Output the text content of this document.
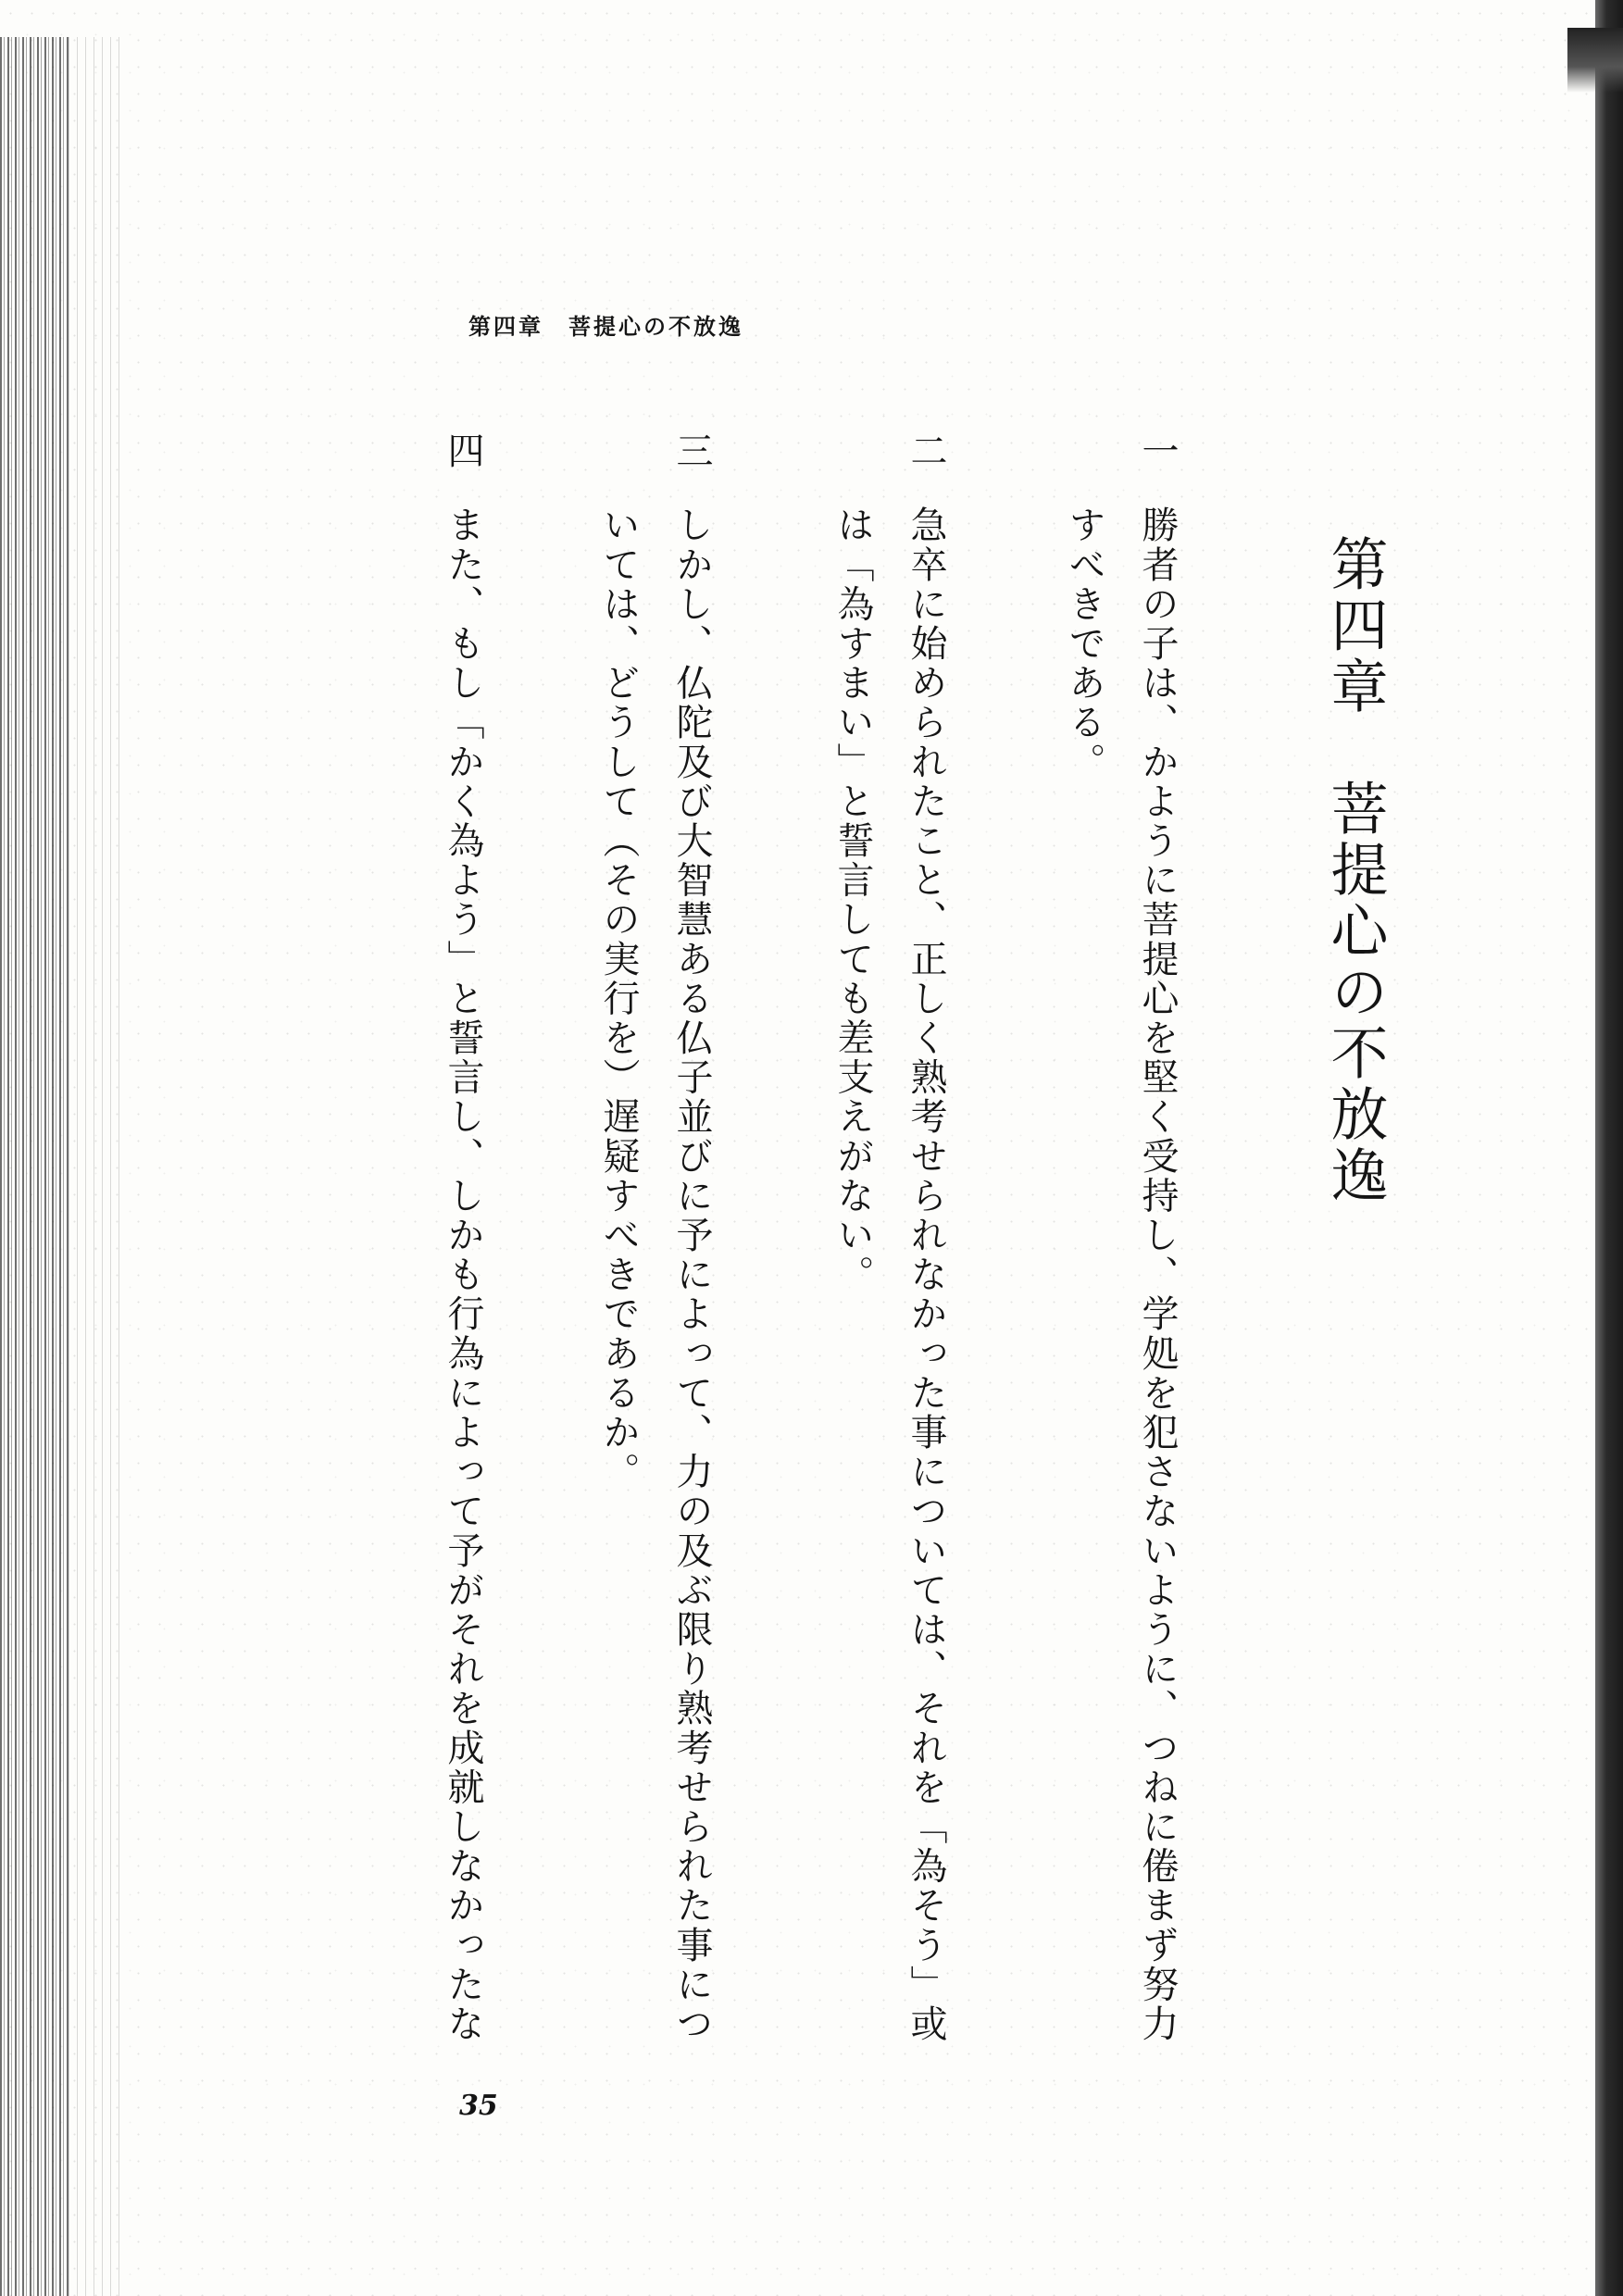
第四章　菩提心の不放逸
第四章　菩提心の不放逸
一
勝者の子は、かように菩提心を堅く受持し、学処を犯さないように、つねに倦まず努力
すべきである。
二
急卒に始められたこと、正しく熟考せられなかった事については、それを「為そう」或
は「為すまい」と誓言しても差支えがない。
三
しかし、仏陀及び大智慧ある仏子並びに予によって、力の及ぶ限り熟考せられた事につ
いては、どうして（その実行を）遅疑すべきであるか。
四
また、もし「かく為よう」と誓言し、しかも行為によって予がそれを成就しなかったな
35
